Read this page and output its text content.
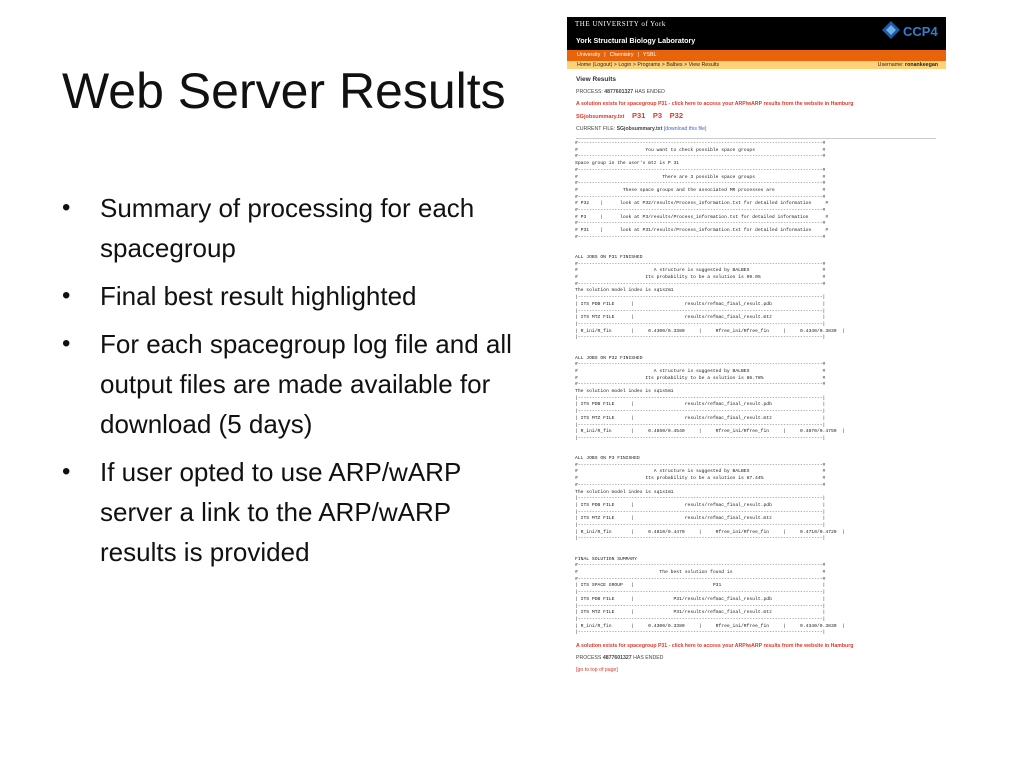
Web Server Results
• Summary of processing for each spacegroup
• Final best result highlighted
• For each spacegroup log file and all output files are made available for download (5 days)
• If user opted to use ARP/wARP server a link to the ARP/wARP results is provided
THE UNIVERSITY of York
York Structural Biology Laboratory
CCP4
University | Chemistry | YSBL
Home (Logout) > Login > Programs > Balbes > View Results	Username: ronankeegan
View Results
PROCESS: 4877601327 HAS ENDED
A solution exists for spacegroup P31 - click here to access your ARP/wARP results from the website in Hamburg
SGjobsummary.txt P31 P3 P32
CURRENT FILE: SGjobsummary.txt [download this file]
#---------------------------------------------------------------------------------------#
#                        You want to check possible space groups                        #
#---------------------------------------------------------------------------------------#
Space group in the user's mtz is P 31
#---------------------------------------------------------------------------------------#
#                              There are 3 possible space groups                        #
#---------------------------------------------------------------------------------------#
#                These space groups and the associated MR processes are                 #
#---------------------------------------------------------------------------------------#
# P32    |      look at P32/results/Process_information.txt for detailed information     #
#---------------------------------------------------------------------------------------#
# P3     |      look at P3/results/Process_information.txt for detailed information      #
#---------------------------------------------------------------------------------------#
# P31    |      look at P31/results/Process_information.txt for detailed information     #
#---------------------------------------------------------------------------------------#

ALL JOBS ON P31 FINISHED
#---------------------------------------------------------------------------------------#
#                           A structure is suggested by BALBES                          #
#                        Its probability to be a solution is 99.0%                      #
#---------------------------------------------------------------------------------------#
The solution model index is sq1s2m1
|---------------------------------------------------------------------------------------|
| ITS PDB FILE      |                  results/refmac_final_result.pdb                  |
|---------------------------------------------------------------------------------------|
| ITS MTZ FILE      |                  results/refmac_final_result.mtz                  |
|---------------------------------------------------------------------------------------|
| R_ini/R_fin       |     0.4300/0.3380     |     Rfree_ini/Rfree_fin     |     0.4340/0.3830  |
|---------------------------------------------------------------------------------------|

ALL JOBS ON P32 FINISHED
#---------------------------------------------------------------------------------------#
#                           A structure is suggested by BALBES                          #
#                        Its probability to be a solution is 86.78%                     #
#---------------------------------------------------------------------------------------#
The solution model index is sq1s5m1
|---------------------------------------------------------------------------------------|
| ITS PDB FILE      |                  results/refmac_final_result.pdb                  |
|---------------------------------------------------------------------------------------|
| ITS MTZ FILE      |                  results/refmac_final_result.mtz                  |
|---------------------------------------------------------------------------------------|
| R_ini/R_fin       |     0.4850/0.4540     |     Rfree_ini/Rfree_fin     |     0.4870/0.4750  |
|---------------------------------------------------------------------------------------|

ALL JOBS ON P3 FINISHED
#---------------------------------------------------------------------------------------#
#                           A structure is suggested by BALBES                          #
#                        Its probability to be a solution is 87.44%                     #
#---------------------------------------------------------------------------------------#
The solution model index is sq1s1m1
|---------------------------------------------------------------------------------------|
| ITS PDB FILE      |                  results/refmac_final_result.pdb                  |
|---------------------------------------------------------------------------------------|
| ITS MTZ FILE      |                  results/refmac_final_result.mtz                  |
|---------------------------------------------------------------------------------------|
| R_ini/R_fin       |     0.4810/0.4470     |     Rfree_ini/Rfree_fin     |     0.4710/0.4720  |
|---------------------------------------------------------------------------------------|

FINAL SOLUTION SUMMARY
#---------------------------------------------------------------------------------------#
#                             The best solution found is                                #
#---------------------------------------------------------------------------------------#
| ITS SPACE GROUP   |                            P31                                    |
|---------------------------------------------------------------------------------------|
| ITS PDB FILE      |              P31/results/refmac_final_result.pdb                  |
|---------------------------------------------------------------------------------------|
| ITS MTZ FILE      |              P31/results/refmac_final_result.mtz                  |
|---------------------------------------------------------------------------------------|
| R_ini/R_fin       |     0.4300/0.3380     |     Rfree_ini/Rfree_fin     |     0.4340/0.3830  |
|---------------------------------------------------------------------------------------|
A solution exists for spacegroup P31 - click here to access your ARP/wARP results from the website in Hamburg
PROCESS 4877601327 HAS ENDED
[go to top of page]
